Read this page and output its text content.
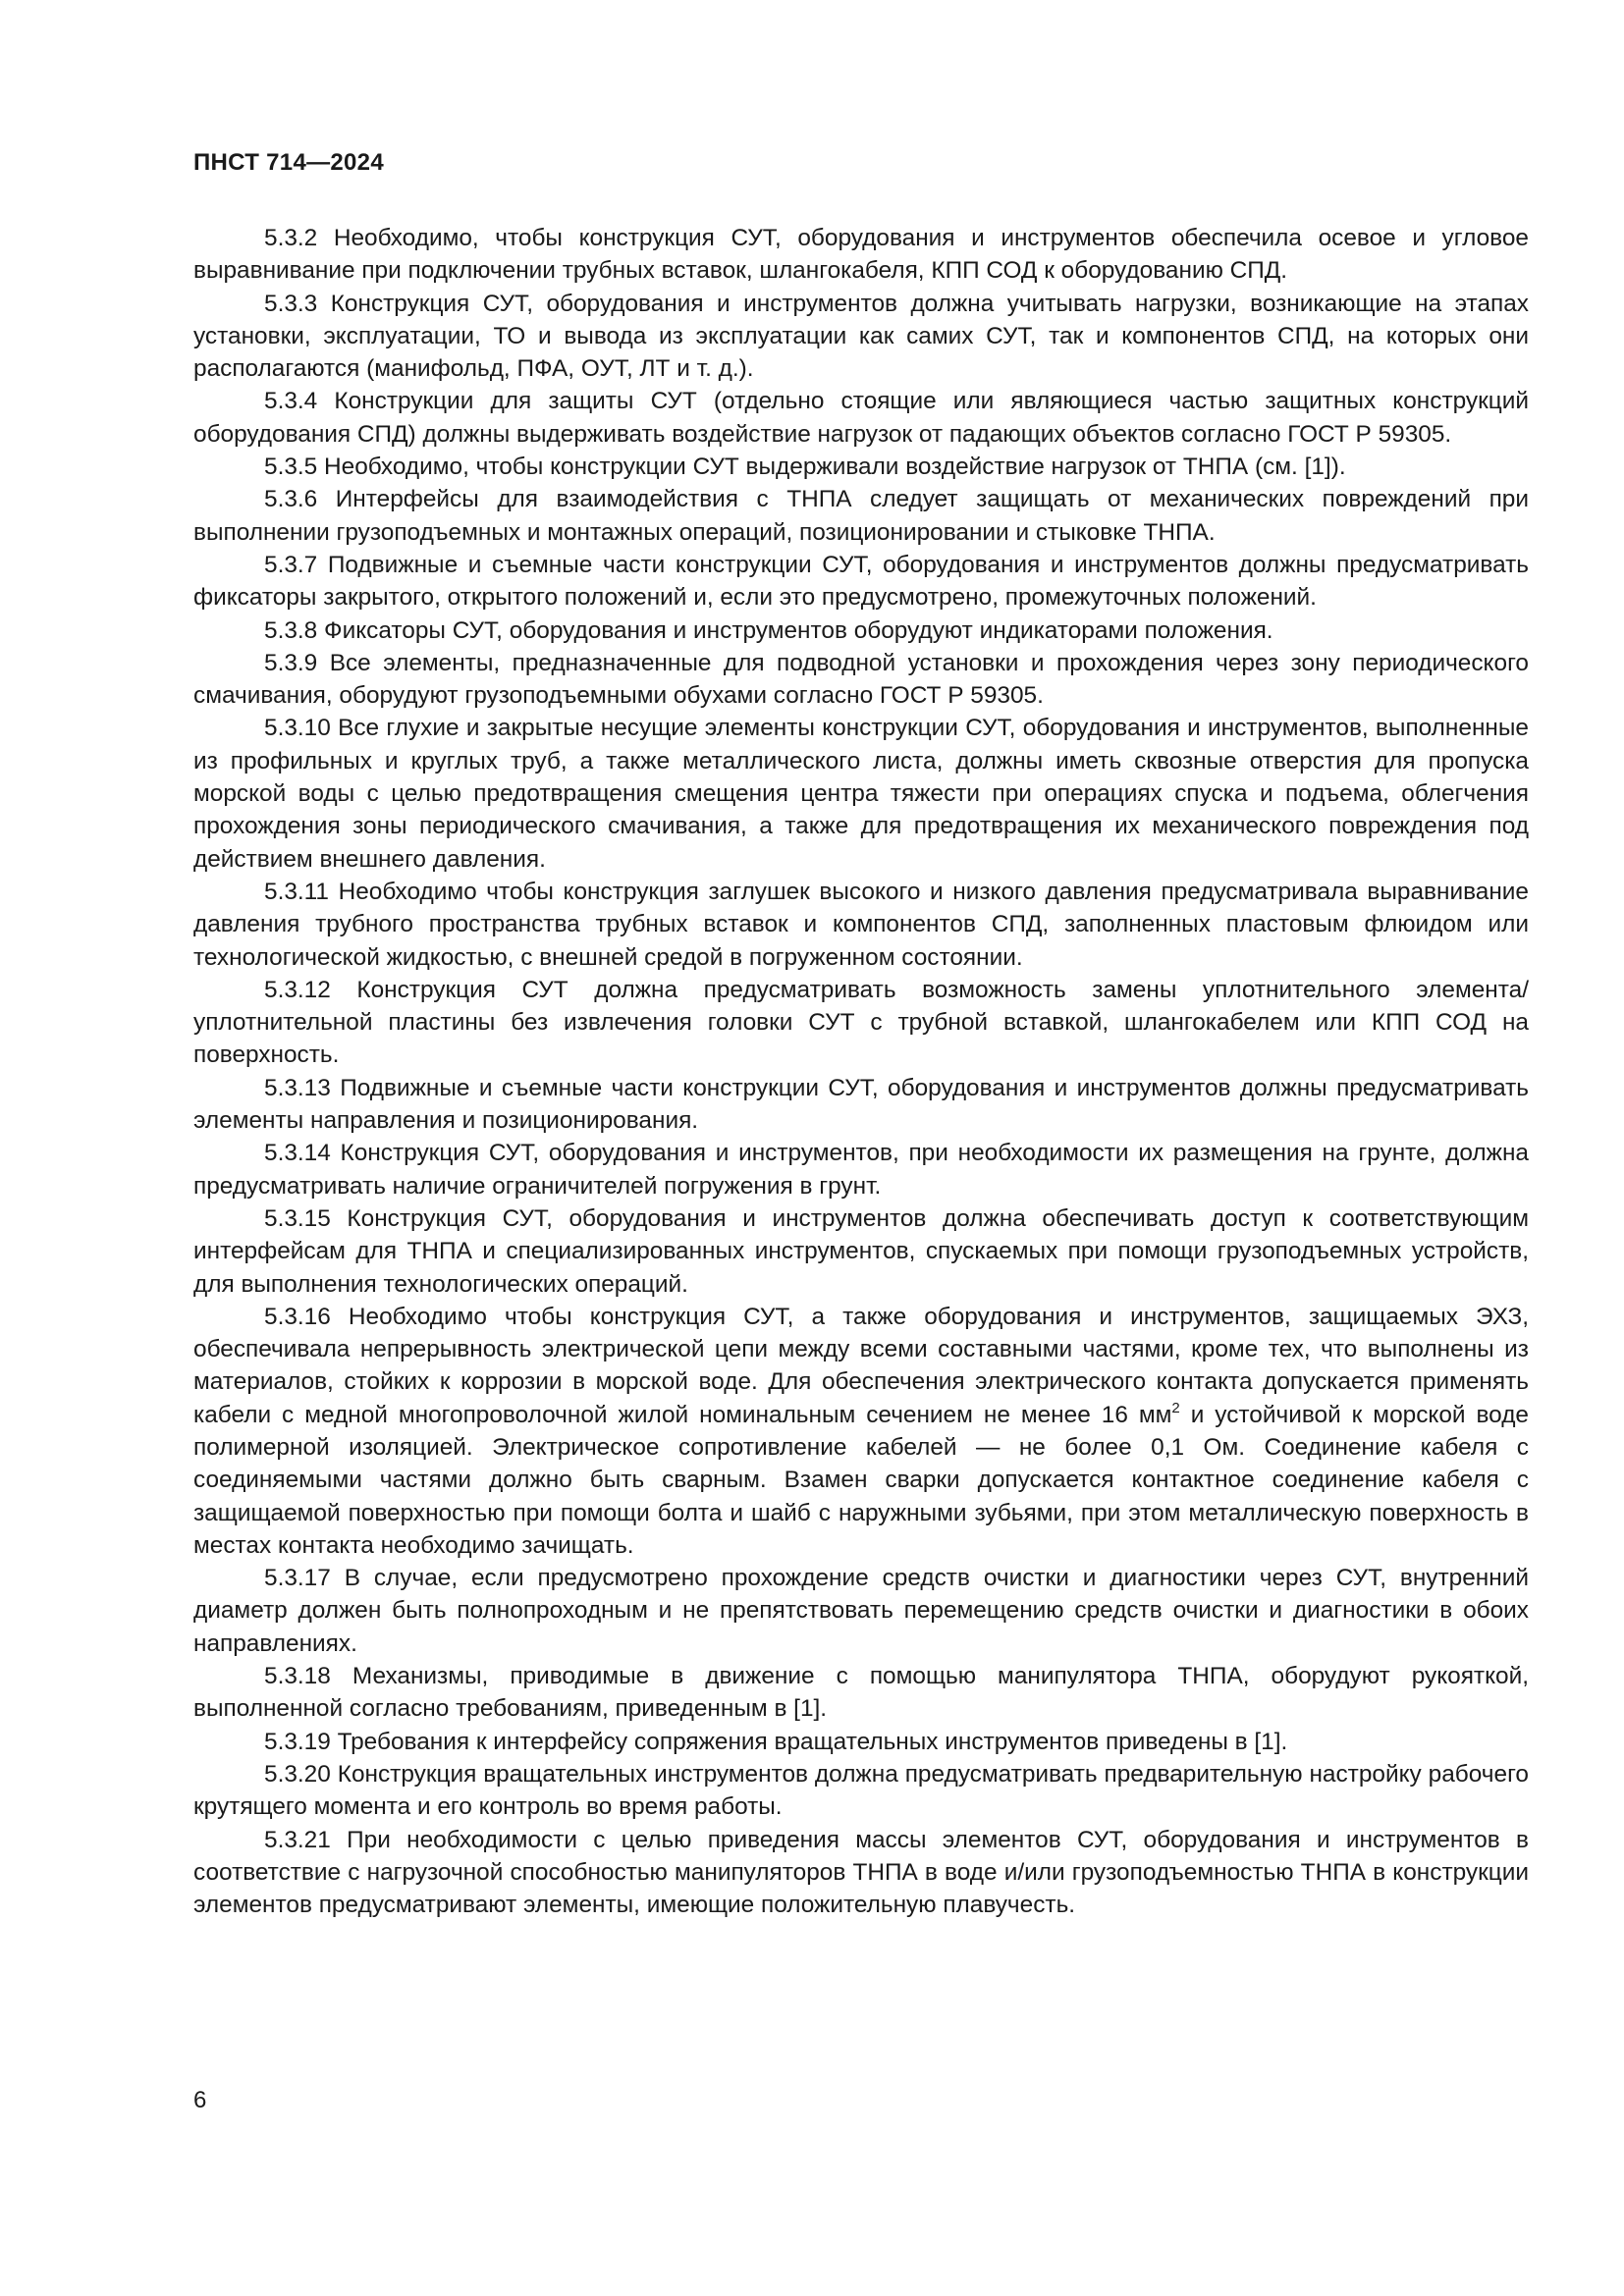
ПНСТ 714—2024

5.3.2 Необходимо, чтобы конструкция СУТ, оборудования и инструментов обеспечила осевое и угловое выравнивание при подключении трубных вставок, шлангокабеля, КПП СОД к оборудованию СПД.

5.3.3 Конструкция СУТ, оборудования и инструментов должна учитывать нагрузки, возникающие на этапах установки, эксплуатации, ТО и вывода из эксплуатации как самих СУТ, так и компонентов СПД, на которых они располагаются (манифольд, ПФА, ОУТ, ЛТ и т. д.).

5.3.4 Конструкции для защиты СУТ (отдельно стоящие или являющиеся частью защитных конструкций оборудования СПД) должны выдерживать воздействие нагрузок от падающих объектов согласно ГОСТ Р 59305.

5.3.5 Необходимо, чтобы конструкции СУТ выдерживали воздействие нагрузок от ТНПА (см. [1]).

5.3.6 Интерфейсы для взаимодействия с ТНПА следует защищать от механических повреждений при выполнении грузоподъемных и монтажных операций, позиционировании и стыковке ТНПА.

5.3.7 Подвижные и съемные части конструкции СУТ, оборудования и инструментов должны предусматривать фиксаторы закрытого, открытого положений и, если это предусмотрено, промежуточных положений.

5.3.8 Фиксаторы СУТ, оборудования и инструментов оборудуют индикаторами положения.

5.3.9 Все элементы, предназначенные для подводной установки и прохождения через зону периодического смачивания, оборудуют грузоподъемными обухами согласно ГОСТ Р 59305.

5.3.10 Все глухие и закрытые несущие элементы конструкции СУТ, оборудования и инструментов, выполненные из профильных и круглых труб, а также металлического листа, должны иметь сквозные отверстия для пропуска морской воды с целью предотвращения смещения центра тяжести при операциях спуска и подъема, облегчения прохождения зоны периодического смачивания, а также для предотвращения их механического повреждения под действием внешнего давления.

5.3.11 Необходимо чтобы конструкция заглушек высокого и низкого давления предусматривала выравнивание давления трубного пространства трубных вставок и компонентов СПД, заполненных пластовым флюидом или технологической жидкостью, с внешней средой в погруженном состоянии.

5.3.12 Конструкция СУТ должна предусматривать возможность замены уплотнительного элемента/уплотнительной пластины без извлечения головки СУТ с трубной вставкой, шлангокабелем или КПП СОД на поверхность.

5.3.13 Подвижные и съемные части конструкции СУТ, оборудования и инструментов должны предусматривать элементы направления и позиционирования.

5.3.14 Конструкция СУТ, оборудования и инструментов, при необходимости их размещения на грунте, должна предусматривать наличие ограничителей погружения в грунт.

5.3.15 Конструкция СУТ, оборудования и инструментов должна обеспечивать доступ к соответствующим интерфейсам для ТНПА и специализированных инструментов, спускаемых при помощи грузоподъемных устройств, для выполнения технологических операций.

5.3.16 Необходимо чтобы конструкция СУТ, а также оборудования и инструментов, защищаемых ЭХЗ, обеспечивала непрерывность электрической цепи между всеми составными частями, кроме тех, что выполнены из материалов, стойких к коррозии в морской воде. Для обеспечения электрического контакта допускается применять кабели с медной многопроволочной жилой номинальным сечением не менее 16 $мм^2$ и устойчивой к морской воде полимерной изоляцией. Электрическое сопротивление кабелей — не более 0,1 Ом. Соединение кабеля с соединяемыми частями должно быть сварным. Взамен сварки допускается контактное соединение кабеля с защищаемой поверхностью при помощи болта и шайб с наружными зубьями, при этом металлическую поверхность в местах контакта необходимо зачищать.

5.3.17 В случае, если предусмотрено прохождение средств очистки и диагностики через СУТ, внутренний диаметр должен быть полнопроходным и не препятствовать перемещению средств очистки и диагностики в обоих направлениях.

5.3.18 Механизмы, приводимые в движение с помощью манипулятора ТНПА, оборудуют рукояткой, выполненной согласно требованиям, приведенным в [1].

5.3.19 Требования к интерфейсу сопряжения вращательных инструментов приведены в [1].

5.3.20 Конструкция вращательных инструментов должна предусматривать предварительную настройку рабочего крутящего момента и его контроль во время работы.

5.3.21 При необходимости с целью приведения массы элементов СУТ, оборудования и инструментов в соответствие с нагрузочной способностью манипуляторов ТНПА в воде и/или грузоподъемностью ТНПА в конструкции элементов предусматривают элементы, имеющие положительную плавучесть.

6
